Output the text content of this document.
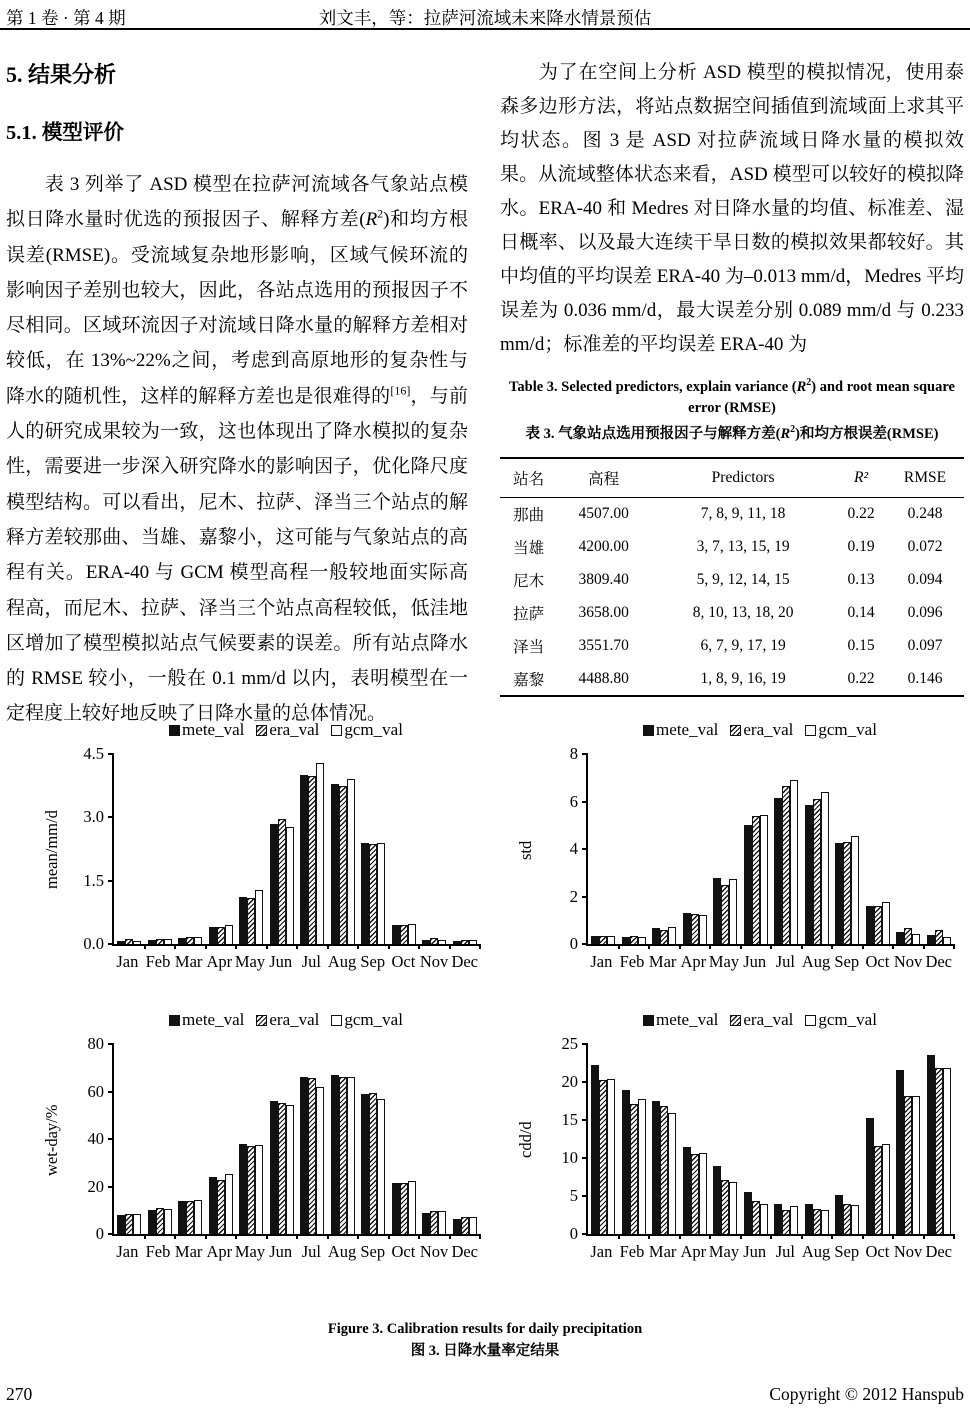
第 1 卷 · 第 4 期	刘文丰，等：拉萨河流域未来降水情景预估
5. 结果分析
5.1. 模型评价
表 3 列举了 ASD 模型在拉萨河流域各气象站点模拟日降水量时优选的预报因子、解释方差$(R^2)$和均方根误差(RMSE)。受流域复杂地形影响，区域气候环流的影响因子差别也较大，因此，各站点选用的预报因子不尽相同。区域环流因子对流域日降水量的解释方差相对较低，在 13%~22%之间，考虑到高原地形的复杂性与降水的随机性，这样的解释方差也是很难得的[16]，与前人的研究成果较为一致，这也体现出了降水模拟的复杂性，需要进一步深入研究降水的影响因子，优化降尺度模型结构。可以看出，尼木、拉萨、泽当三个站点的解释方差较那曲、当雄、嘉黎小，这可能与气象站点的高程有关。ERA-40 与 GCM 模型高程一般较地面实际高程高，而尼木、拉萨、泽当三个站点高程较低，低洼地区增加了模型模拟站点气候要素的误差。所有站点降水的 RMSE 较小，一般在 0.1 mm/d 以内，表明模型在一定程度上较好地反映了日降水量的总体情况。
为了在空间上分析 ASD 模型的模拟情况，使用泰森多边形方法，将站点数据空间插值到流域面上求其平均状态。图 3 是 ASD 对拉萨流域日降水量的模拟效果。从流域整体状态来看，ASD 模型可以较好的模拟降水。ERA-40 和 Medres 对日降水量的均值、标准差、湿日概率、以及最大连续干旱日数的模拟效果都较好。其中均值的平均误差 ERA-40 为–0.013 mm/d，Medres 平均误差为 0.036 mm/d，最大误差分别 0.089 mm/d 与 0.233 mm/d；标准差的平均误差 ERA-40 为
Table 3. Selected predictors, explain variance $(R^2)$ and root mean square error (RMSE)
表 3. 气象站点选用预报因子与解释方差$(R^2)$和均方根误差(RMSE)
站名	高程	Predictors	R²	RMSE
那曲	4507.00	7, 8, 9, 11, 18	0.22	0.248
当雄	4200.00	3, 7, 13, 15, 19	0.19	0.072
尼木	3809.40	5, 9, 12, 14, 15	0.13	0.094
拉萨	3658.00	8, 10, 13, 18, 20	0.14	0.096
泽当	3551.70	6, 7, 9, 17, 19	0.15	0.097
嘉黎	4488.80	1, 8, 9, 16, 19	0.22	0.146
mete_val era_val gcm_val
mean/mm/d
0.0
1.5
3.0
4.5
Jan Feb Mar Apr May Jun Jul Aug Sep Oct Nov Dec
mete_val era_val gcm_val
std
0
2
4
6
8
Jan Feb Mar Apr May Jun Jul Aug Sep Oct Nov Dec
mete_val era_val gcm_val
wet-day/%
0
20
40
60
80
Jan Feb Mar Apr May Jun Jul Aug Sep Oct Nov Dec
mete_val era_val gcm_val
cdd/d
0
5
10
15
20
25
Jan Feb Mar Apr May Jun Jul Aug Sep Oct Nov Dec
Figure 3. Calibration results for daily precipitation
图 3. 日降水量率定结果
270	Copyright © 2012 Hanspub
